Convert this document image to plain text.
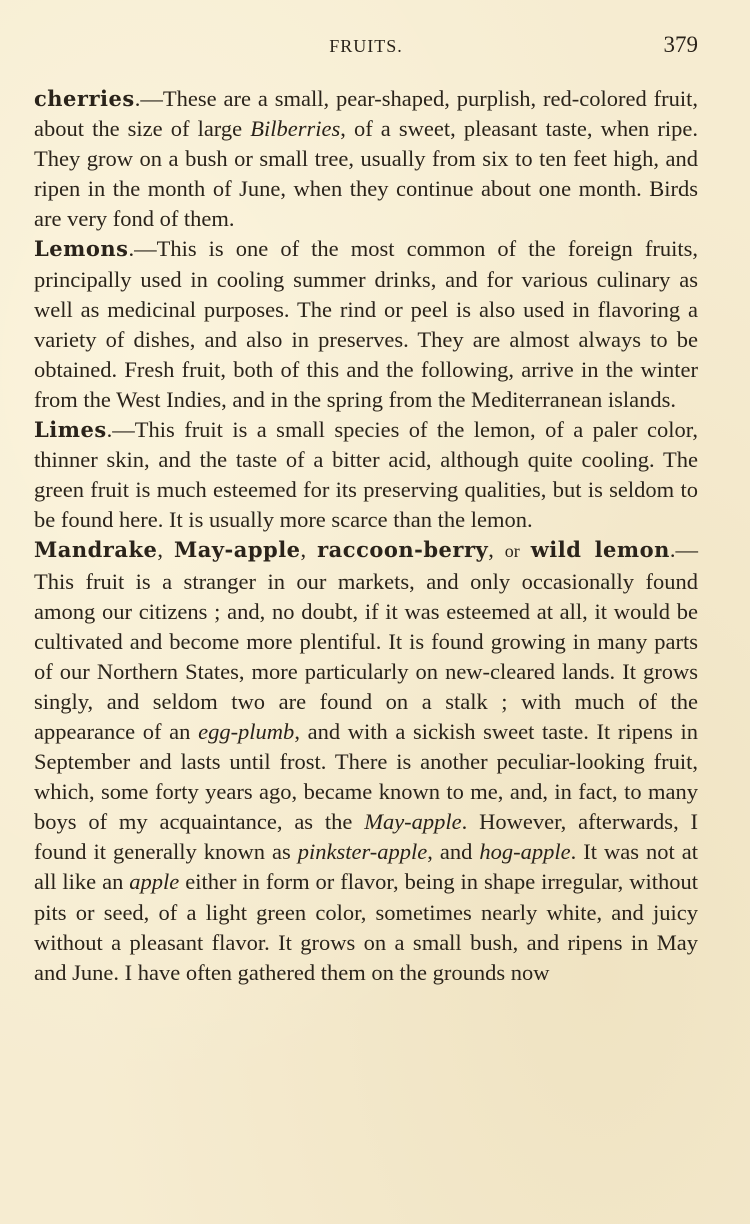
FRUITS.	379

cherries.—These are a small, pear-shaped, purplish, red-colored fruit, about the size of large Bilberries, of a sweet, pleasant taste, when ripe. They grow on a bush or small tree, usually from six to ten feet high, and ripen in the month of June, when they continue about one month. Birds are very fond of them.

Lemons.—This is one of the most common of the foreign fruits, principally used in cooling summer drinks, and for various culinary as well as medicinal purposes. The rind or peel is also used in flavoring a variety of dishes, and also in preserves. They are almost always to be obtained. Fresh fruit, both of this and the following, arrive in the winter from the West Indies, and in the spring from the Mediterranean islands.

Limes.—This fruit is a small species of the lemon, of a paler color, thinner skin, and the taste of a bitter acid, although quite cooling. The green fruit is much esteemed for its preserving qualities, but is seldom to be found here. It is usually more scarce than the lemon.

Mandrake, May-apple, raccoon-berry, or wild lemon.—This fruit is a stranger in our markets, and only occasionally found among our citizens ; and, no doubt, if it was esteemed at all, it would be cultivated and become more plentiful. It is found growing in many parts of our Northern States, more particularly on new-cleared lands. It grows singly, and seldom two are found on a stalk ; with much of the appearance of an egg-plumb, and with a sickish sweet taste. It ripens in September and lasts until frost. There is another peculiar-looking fruit, which, some forty years ago, became known to me, and, in fact, to many boys of my acquaintance, as the May-apple. However, afterwards, I found it generally known as pinkster-apple, and hog-apple. It was not at all like an apple either in form or flavor, being in shape irregular, without pits or seed, of a light green color, sometimes nearly white, and juicy without a pleasant flavor. It grows on a small bush, and ripens in May and June. I have often gathered them on the grounds now
